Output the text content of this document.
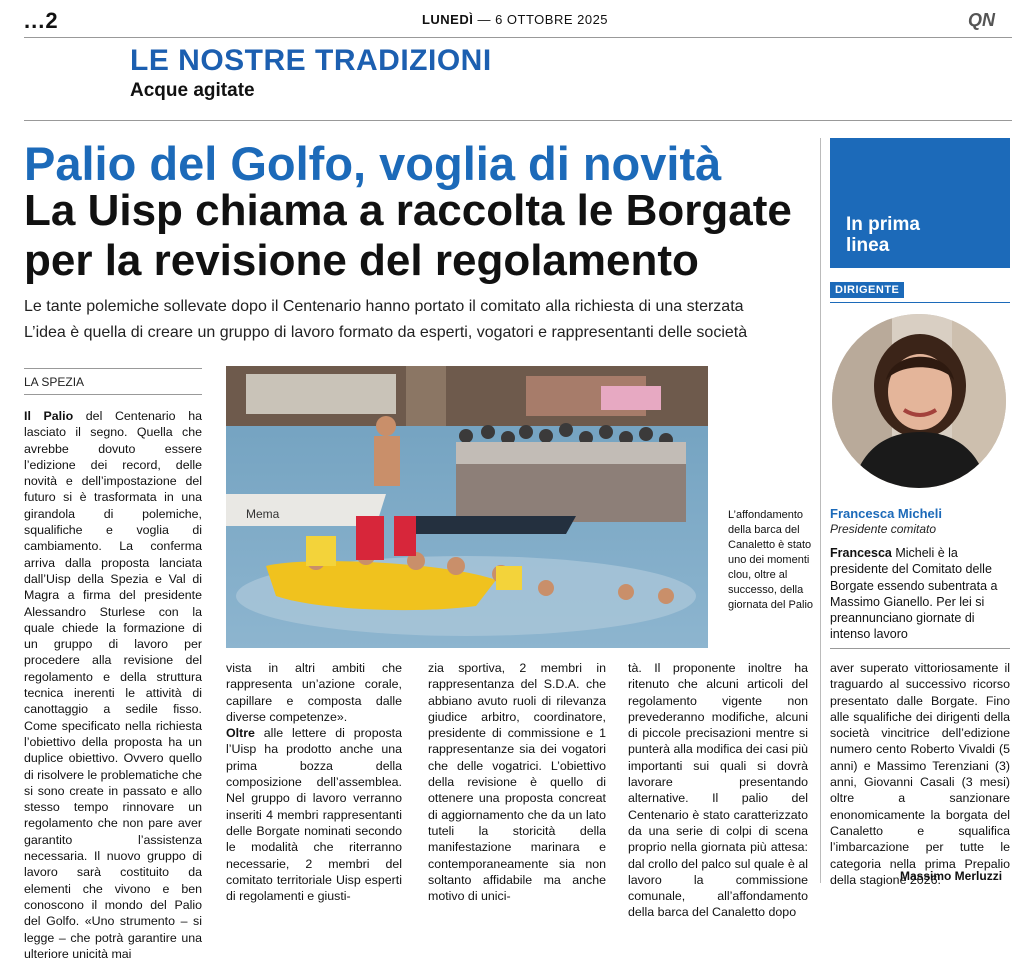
...2	LUNEDÌ — 6 OTTOBRE 2025	QN
LE NOSTRE TRADIZIONI
Acque agitate
Palio del Golfo, voglia di novità
La Uisp chiama a raccolta le Borgate per la revisione del regolamento
Le tante polemiche sollevate dopo il Centenario hanno portato il comitato alla richiesta di una sterzata
L’idea è quella di creare un gruppo di lavoro formato da esperti, vogatori e rappresentanti delle società
LA SPEZIA
Mema	L’affondamento della barca del Canaletto è stato uno dei momenti clou, oltre al successo, della giornata del Palio
Il Palio del Centenario ha lasciato il segno. Quella che avrebbe dovuto essere l’edizione dei record, delle novità e dell’impostazione del futuro si è trasformata in una girandola di polemiche, squalifiche e voglia di cambiamento. La conferma arriva dalla proposta lanciata dall’Uisp della Spezia e Val di Magra a firma del presidente Alessandro Sturlese con la quale chiede la formazione di un gruppo di lavoro per procedere alla revisione del regolamento e della struttura tecnica inerenti le attività di canottaggio a sedile fisso. Come specificato nella richiesta l’obiettivo della proposta ha un duplice obiettivo. Ovvero quello di risolvere le problematiche che si sono create in passato e allo stesso tempo rinnovare un regolamento che non pare aver garantito l’assistenza necessaria. Il nuovo gruppo di lavoro sarà costituito da elementi che vivono e ben conoscono il mondo del Palio del Golfo. «Uno strumento – si legge – che potrà garantire una ulteriore unicità mai
vista in altri ambiti che rappresenta un’azione corale, capillare e composta dalle diverse competenze».
Oltre alle lettere di proposta l’Uisp ha prodotto anche una prima bozza della composizione dell’assemblea. Nel gruppo di lavoro verranno inseriti 4 membri rappresentanti delle Borgate nominati secondo le modalità che riterranno necessarie, 2 membri del comitato territoriale Uisp esperti di regolamenti e giusti-
zia sportiva, 2 membri in rappresentanza del S.D.A. che abbiano avuto ruoli di rilevanza giudice arbitro, coordinatore, presidente di commissione e 1 rappresentanze sia dei vogatori che delle vogatrici. L’obiettivo della revisione è quello di ottenere una proposta concreat di aggiornamento che da un lato tuteli la storicità della manifestazione marinara e contemporaneamente sia non soltanto affidabile ma anche motivo di unici-
tà. Il proponente inoltre ha ritenuto che alcuni articoli del regolamento vigente non prevederanno modifiche, alcuni di piccole precisazioni mentre si punterà alla modifica dei casi più importanti sui quali si dovrà lavorare presentando alternative. Il palio del Centenario è stato caratterizzato da una serie di colpi di scena proprio nella giornata più attesa: dal crollo del palco sul quale è al lavoro la commissione comunale, all’affondamento della barca del Canaletto dopo
aver superato vittoriosamente il traguardo al successivo ricorso presentato dalle Borgate. Fino alle squalifiche dei dirigenti della società vincitrice dell’edizione numero cento Roberto Vivaldi (5 anni) e Massimo Terenziani (3) anni, Giovanni Casali (3 mesi) oltre a sanzionare enonomicamente la borgata del Canaletto e squalifica l’imbarcazione per tutte le categoria nella prima Prepalio della stagione 2026.
Massimo Merluzzi
In prima
linea
DIRIGENTE
Francesca Micheli
Presidente comitato
Francesca Micheli è la presidente del Comitato delle Borgate essendo subentrata a Massimo Gianello. Per lei si preannunciano giornate di intenso lavoro
